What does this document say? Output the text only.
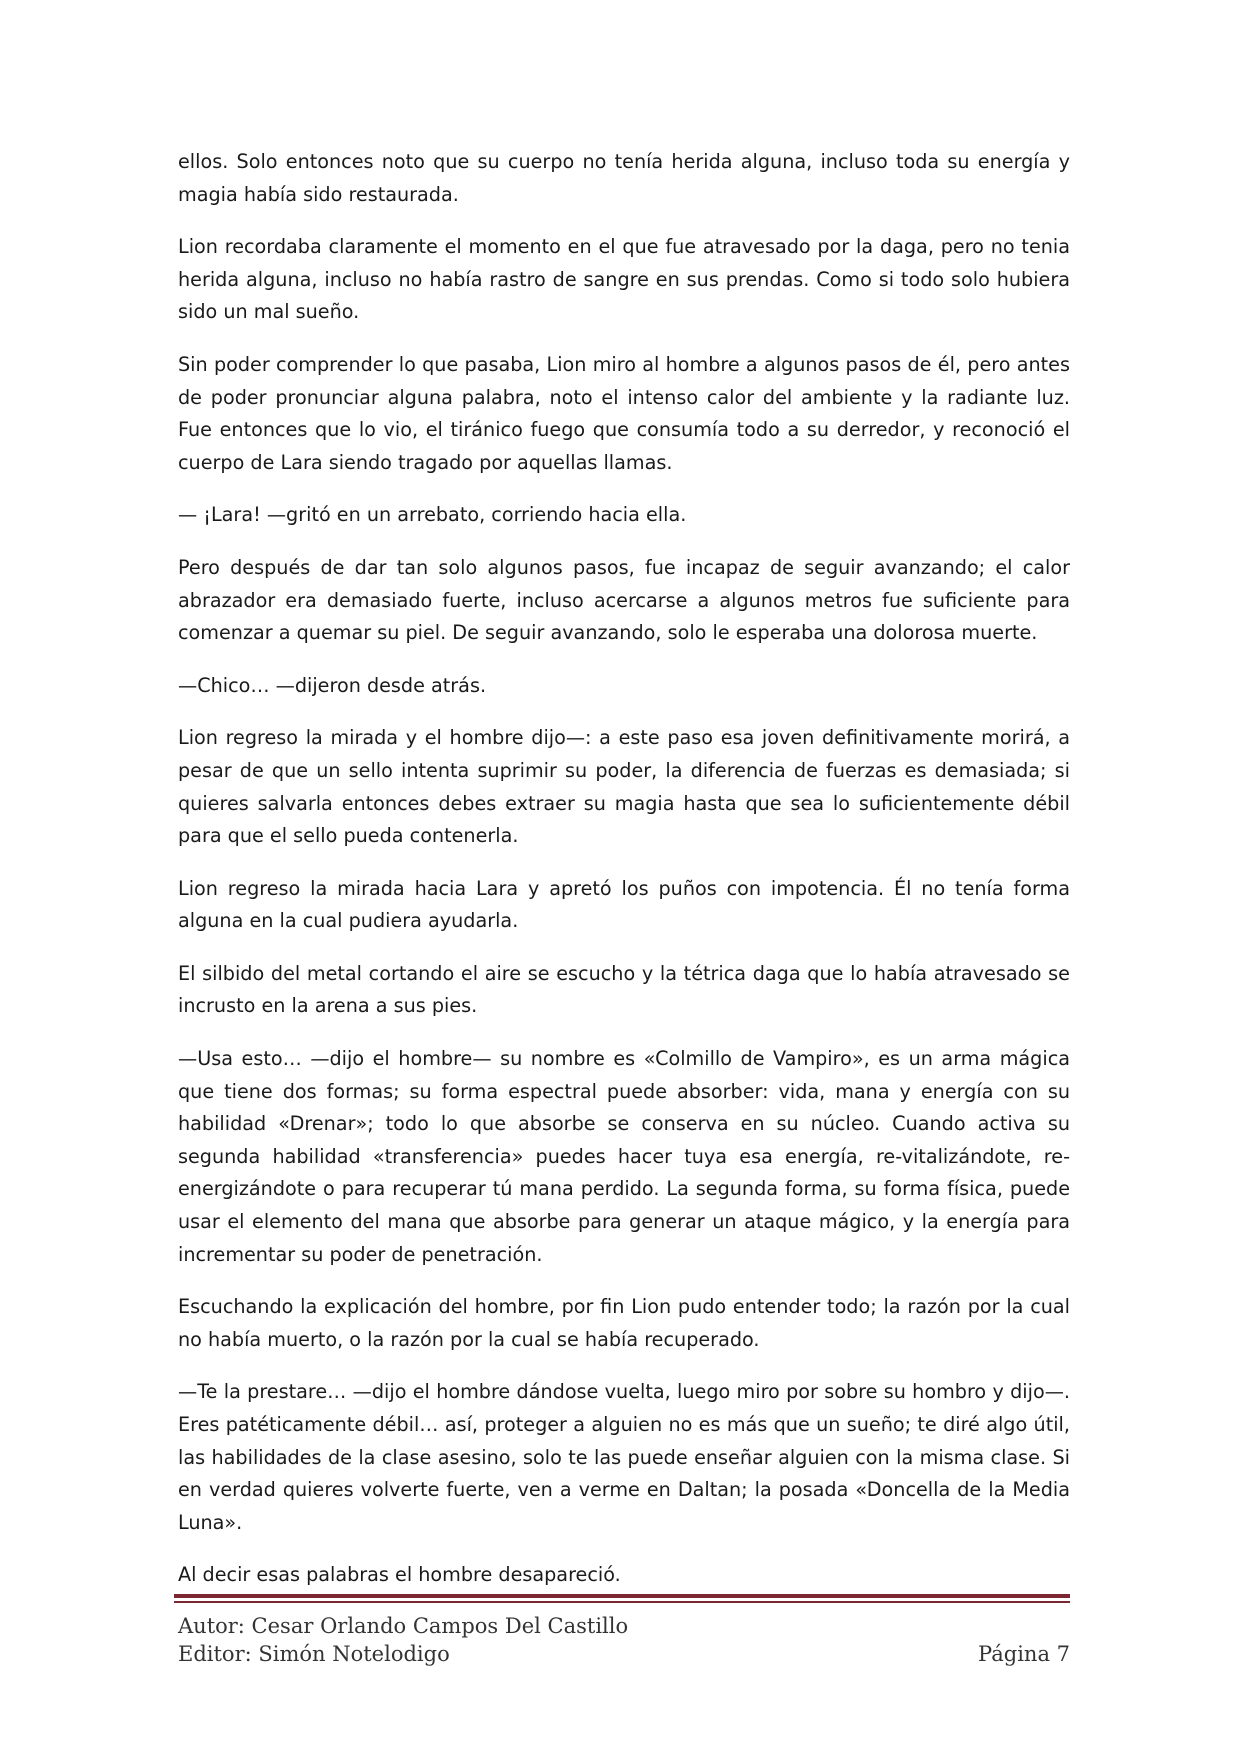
ellos. Solo entonces noto que su cuerpo no tenía herida alguna, incluso toda su energía y magia había sido restaurada.

Lion recordaba claramente el momento en el que fue atravesado por la daga, pero no tenia herida alguna, incluso no había rastro de sangre en sus prendas. Como si todo solo hubiera sido un mal sueño.

Sin poder comprender lo que pasaba, Lion miro al hombre a algunos pasos de él, pero antes de poder pronunciar alguna palabra, noto el intenso calor del ambiente y la radiante luz. Fue entonces que lo vio, el tiránico fuego que consumía todo a su derredor, y reconoció el cuerpo de Lara siendo tragado por aquellas llamas.

— ¡Lara! —gritó en un arrebato, corriendo hacia ella.

Pero después de dar tan solo algunos pasos, fue incapaz de seguir avanzando; el calor abrazador era demasiado fuerte, incluso acercarse a algunos metros fue suficiente para comenzar a quemar su piel. De seguir avanzando, solo le esperaba una dolorosa muerte.

—Chico… —dijeron desde atrás.

Lion regreso la mirada y el hombre dijo—: a este paso esa joven definitivamente morirá, a pesar de que un sello intenta suprimir su poder, la diferencia de fuerzas es demasiada; si quieres salvarla entonces debes extraer su magia hasta que sea lo suficientemente débil para que el sello pueda contenerla.

Lion regreso la mirada hacia Lara y apretó los puños con impotencia. Él no tenía forma alguna en la cual pudiera ayudarla.

El silbido del metal cortando el aire se escucho y la tétrica daga que lo había atravesado se incrusto en la arena a sus pies.

—Usa esto… —dijo el hombre— su nombre es «Colmillo de Vampiro», es un arma mágica que tiene dos formas; su forma espectral puede absorber: vida, mana y energía con su habilidad «Drenar»; todo lo que absorbe se conserva en su núcleo. Cuando activa su segunda habilidad «transferencia» puedes hacer tuya esa energía, re-vitalizándote, re-energizándote o para recuperar tú mana perdido. La segunda forma, su forma física, puede usar el elemento del mana que absorbe para generar un ataque mágico, y la energía para incrementar su poder de penetración.

Escuchando la explicación del hombre, por fin Lion pudo entender todo; la razón por la cual no había muerto, o la razón por la cual se había recuperado.

—Te la prestare… —dijo el hombre dándose vuelta, luego miro por sobre su hombro y dijo—. Eres patéticamente débil… así, proteger a alguien no es más que un sueño; te diré algo útil, las habilidades de la clase asesino, solo te las puede enseñar alguien con la misma clase. Si en verdad quieres volverte fuerte, ven a verme en Daltan; la posada «Doncella de la Media Luna».

Al decir esas palabras el hombre desapareció.

Autor: Cesar Orlando Campos Del Castillo
Editor: Simón Notelodigo	Página 7
